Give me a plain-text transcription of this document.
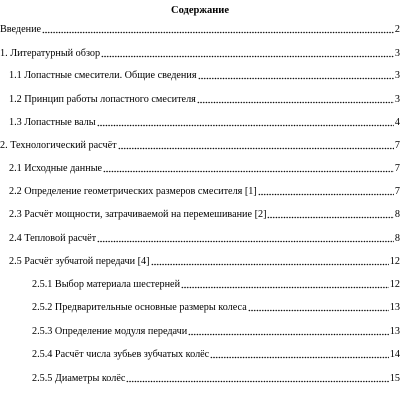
Содержание
Введение	2
1. Литературный обзор	3
1.1 Лопастные смесители. Общие сведения	3
1.2 Принцип работы лопастного смесителя	3
1.3 Лопастные валы	4
2. Технологический расчёт	7
2.1 Исходные данные	7
2.2 Определение геометрических размеров смесителя [1]	7
2.3 Расчёт мощности, затрачиваемой на перемешивание [2]	8
2.4 Тепловой расчёт	8
2.5 Расчёт зубчатой передачи [4]	12
2.5.1 Выбор материала шестерней	12
2.5.2 Предварительные основные размеры колеса	13
2.5.3 Определение модуля передачи	13
2.5.4 Расчёт числа зубьев зубчатых колёс	14
2.5.5 Диаметры колёс	15
